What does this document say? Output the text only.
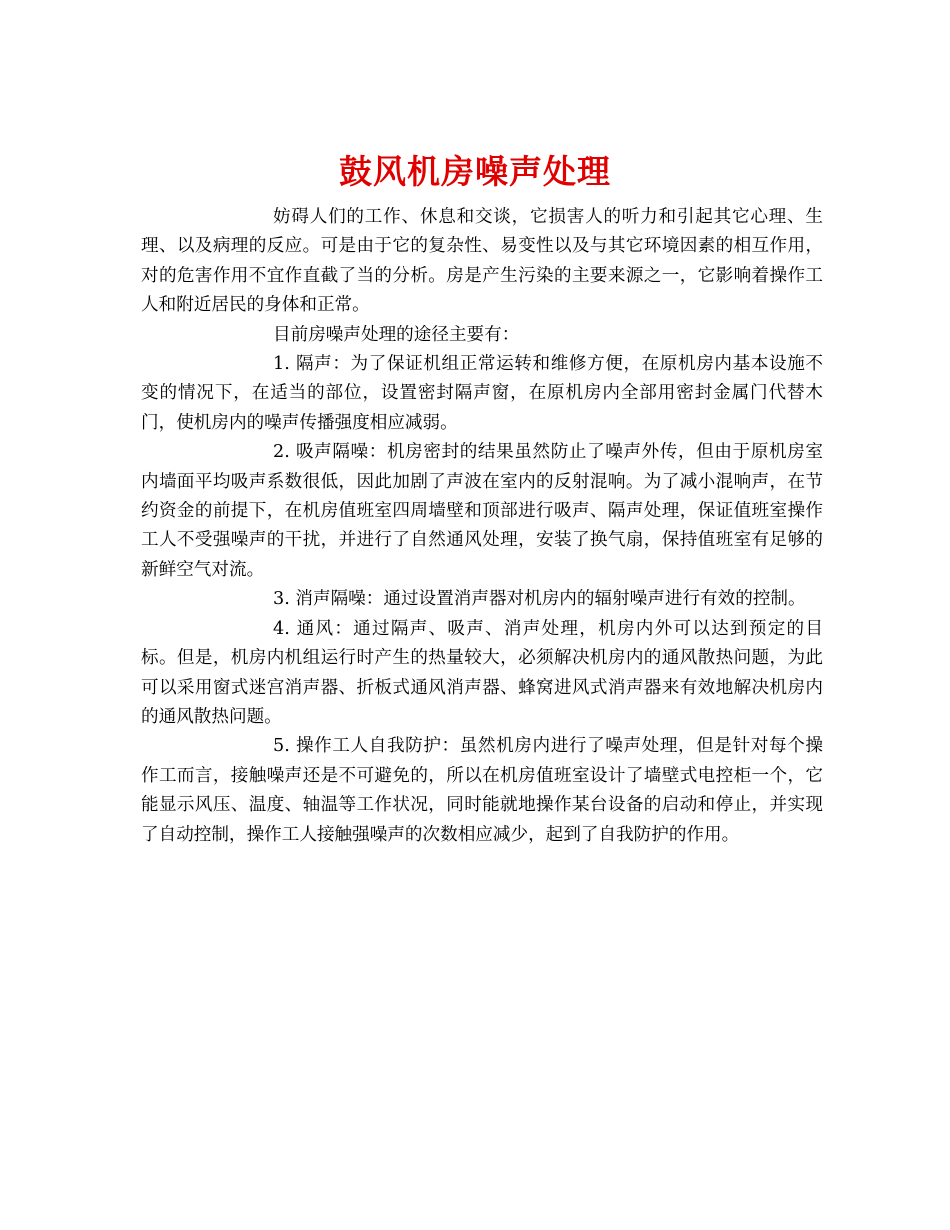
鼓风机房噪声处理

妨碍人们的工作、休息和交谈，它损害人的听力和引起其它心理、生理、以及病理的反应。可是由于它的复杂性、易变性以及与其它环境因素的相互作用，对的危害作用不宜作直截了当的分析。房是产生污染的主要来源之一，它影响着操作工人和附近居民的身体和正常。

目前房噪声处理的途径主要有：

1. 隔声：为了保证机组正常运转和维修方便，在原机房内基本设施不变的情况下，在适当的部位，设置密封隔声窗，在原机房内全部用密封金属门代替木门，使机房内的噪声传播强度相应减弱。

2. 吸声隔噪：机房密封的结果虽然防止了噪声外传，但由于原机房室内墙面平均吸声系数很低，因此加剧了声波在室内的反射混响。为了减小混响声，在节约资金的前提下，在机房值班室四周墙壁和顶部进行吸声、隔声处理，保证值班室操作工人不受强噪声的干扰，并进行了自然通风处理，安装了换气扇，保持值班室有足够的新鲜空气对流。

3. 消声隔噪：通过设置消声器对机房内的辐射噪声进行有效的控制。

4. 通风：通过隔声、吸声、消声处理，机房内外可以达到预定的目标。但是，机房内机组运行时产生的热量较大，必须解决机房内的通风散热问题，为此可以采用窗式迷宫消声器、折板式通风消声器、蜂窝进风式消声器来有效地解决机房内的通风散热问题。

5. 操作工人自我防护：虽然机房内进行了噪声处理，但是针对每个操作工而言，接触噪声还是不可避免的，所以在机房值班室设计了墙壁式电控柜一个，它能显示风压、温度、轴温等工作状况，同时能就地操作某台设备的启动和停止，并实现了自动控制，操作工人接触强噪声的次数相应减少，起到了自我防护的作用。
